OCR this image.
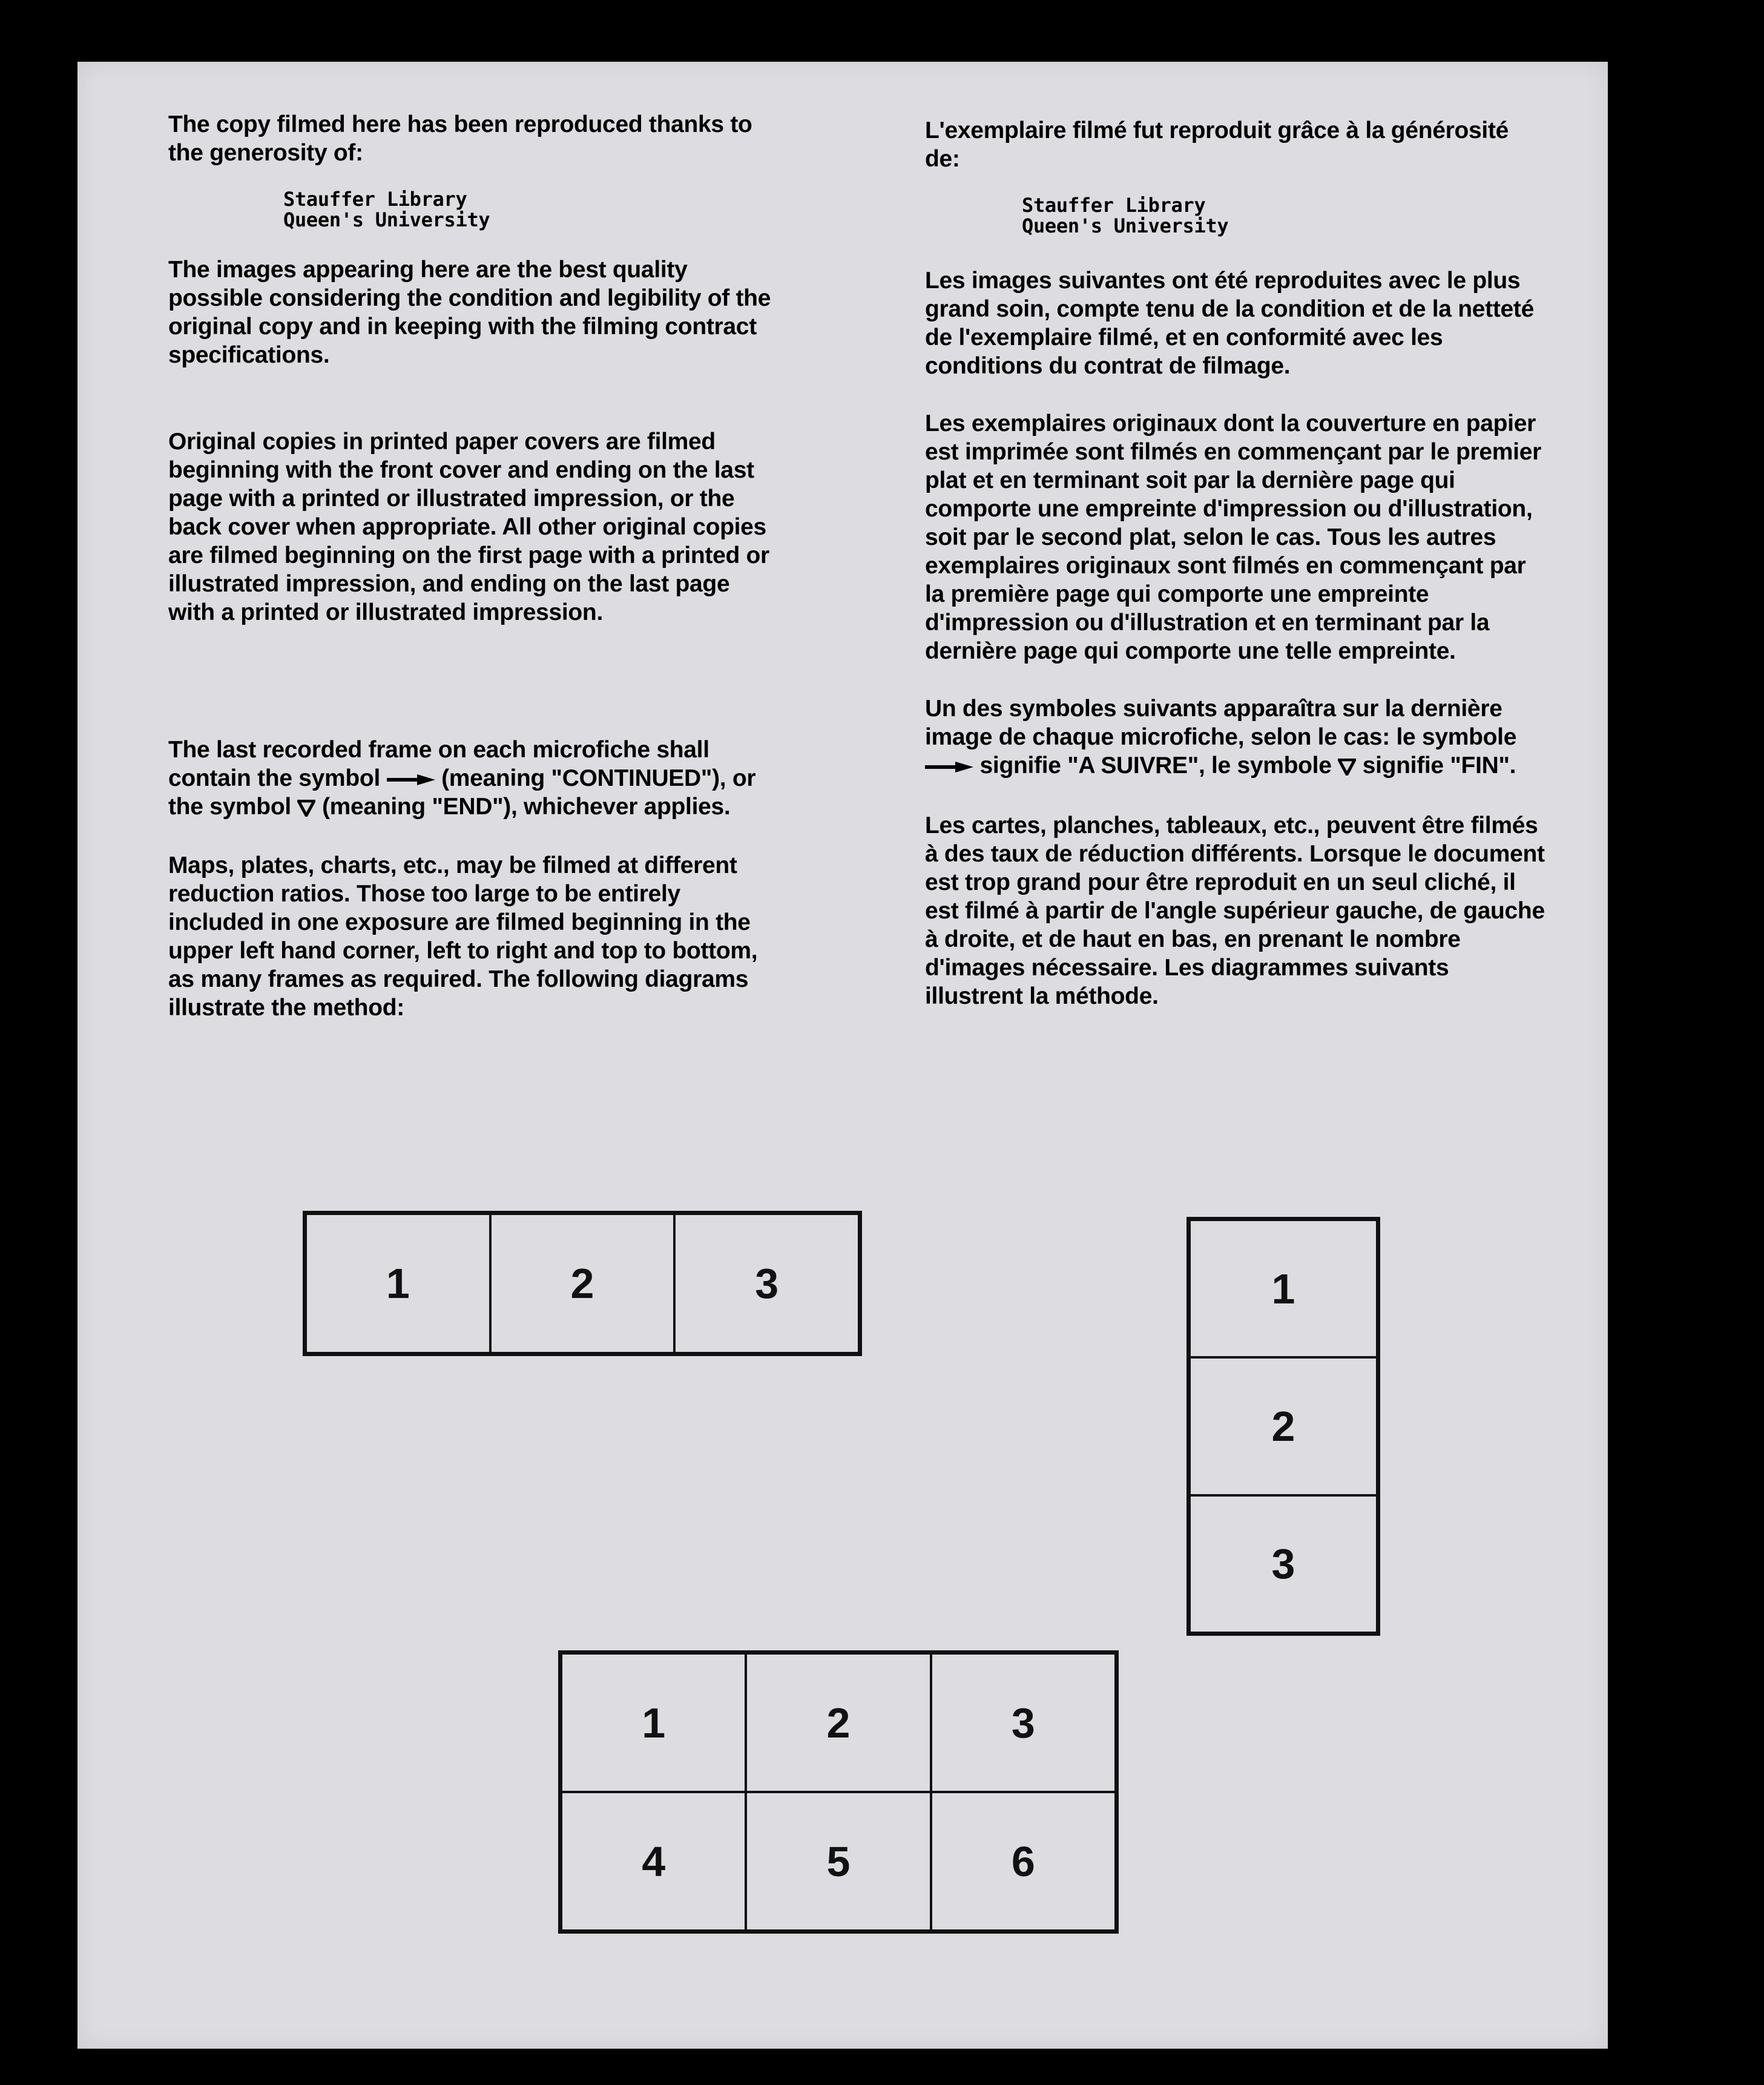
The copy filmed here has been reproduced thanks to the generosity of:

Stauffer Library
Queen's University

The images appearing here are the best quality possible considering the condition and legibility of the original copy and in keeping with the filming contract specifications.

Original copies in printed paper covers are filmed beginning with the front cover and ending on the last page with a printed or illustrated impression, or the back cover when appropriate. All other original copies are filmed beginning on the first page with a printed or illustrated impression, and ending on the last page with a printed or illustrated impression.

The last recorded frame on each microfiche shall contain the symbol	(meaning "CONTINUED"), or the symbol (meaning "END"), whichever applies.

Maps, plates, charts, etc., may be filmed at different reduction ratios. Those too large to be entirely included in one exposure are filmed beginning in the upper left hand corner, left to right and top to bottom, as many frames as required. The following diagrams illustrate the method:

L'exemplaire filmé fut reproduit grâce à la générosité de:

Stauffer Library
Queen's University

Les images suivantes ont été reproduites avec le plus grand soin, compte tenu de la condition et de la netteté de l'exemplaire filmé, et en conformité avec les conditions du contrat de filmage.

Les exemplaires originaux dont la couverture en papier est imprimée sont filmés en commençant par le premier plat et en terminant soit par la dernière page qui comporte une empreinte d'impression ou d'illustration, soit par le second plat, selon le cas. Tous les autres exemplaires originaux sont filmés en commençant par la première page qui comporte une empreinte d'impression ou d'illustration et en terminant par la dernière page qui comporte une telle empreinte.

Un des symboles suivants apparaîtra sur la dernière image de chaque microfiche, selon le cas: le symbole  signifie "A SUIVRE", le symbole signifie "FIN".

Les cartes, planches, tableaux, etc., peuvent être filmés à des taux de réduction différents. Lorsque le document est trop grand pour être reproduit en un seul cliché, il est filmé à partir de l'angle supérieur gauche, de gauche à droite, et de haut en bas, en prenant le nombre d'images nécessaire. Les diagrammes suivants illustrent la méthode.

1	2	3	1
2
3
1	2	3
4	5	6
